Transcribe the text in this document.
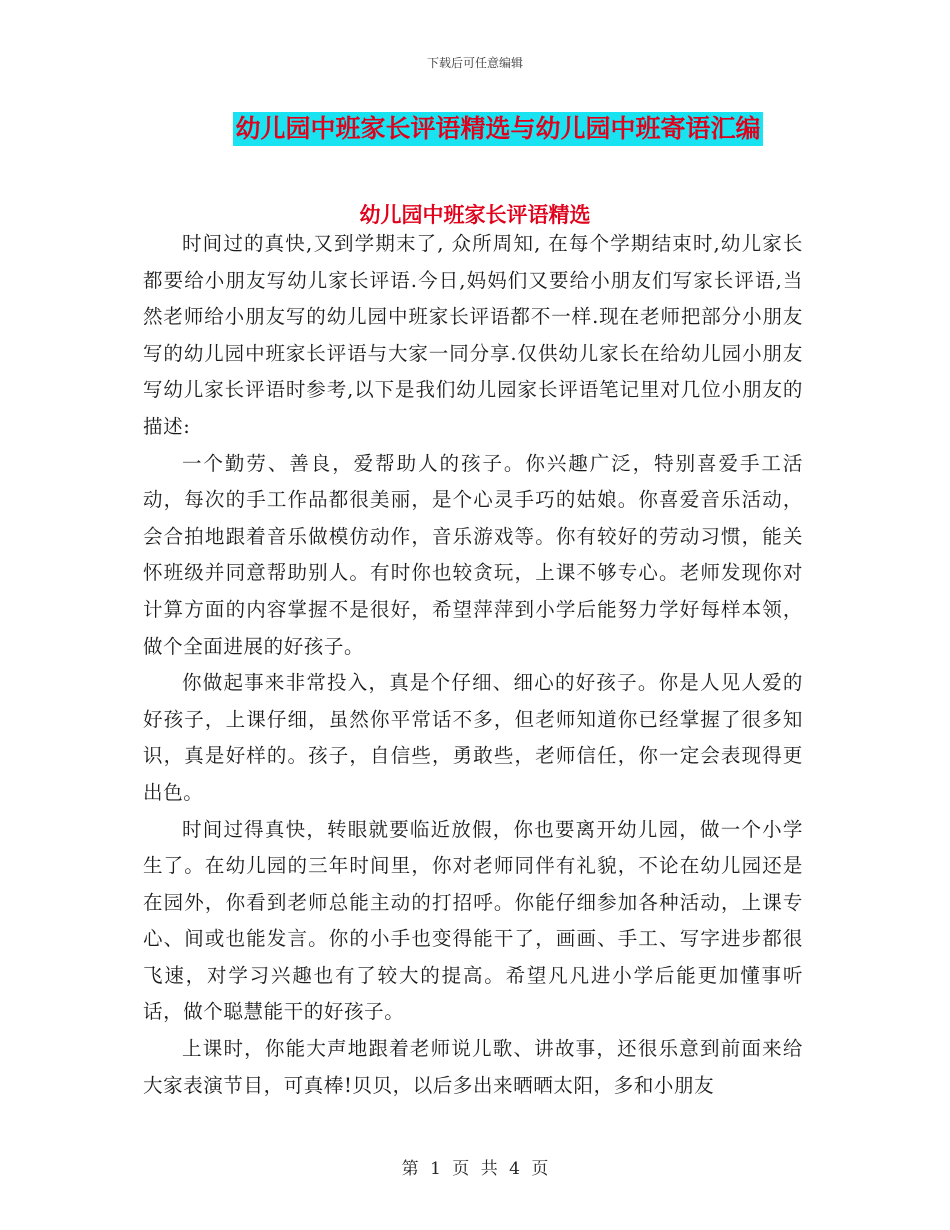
下载后可任意编辑
幼儿园中班家长评语精选与幼儿园中班寄语汇编
幼儿园中班家长评语精选

时间过的真快,又到学期末了, 众所周知, 在每个学期结束时,幼儿家长都要给小朋友写幼儿家长评语.今日,妈妈们又要给小朋友们写家长评语,当然老师给小朋友写的幼儿园中班家长评语都不一样.现在老师把部分小朋友写的幼儿园中班家长评语与大家一同分享.仅供幼儿家长在给幼儿园小朋友写幼儿家长评语时参考,以下是我们幼儿园家长评语笔记里对几位小朋友的描述:

一个勤劳、善良，爱帮助人的孩子。你兴趣广泛，特别喜爱手工活动，每次的手工作品都很美丽，是个心灵手巧的姑娘。你喜爱音乐活动，会合拍地跟着音乐做模仿动作，音乐游戏等。你有较好的劳动习惯，能关怀班级并同意帮助别人。有时你也较贪玩，上课不够专心。老师发现你对计算方面的内容掌握不是很好，希望萍萍到小学后能努力学好每样本领，做个全面进展的好孩子。

你做起事来非常投入，真是个仔细、细心的好孩子。你是人见人爱的好孩子，上课仔细，虽然你平常话不多，但老师知道你已经掌握了很多知识，真是好样的。孩子，自信些，勇敢些，老师信任，你一定会表现得更出色。

时间过得真快，转眼就要临近放假，你也要离开幼儿园，做一个小学生了。在幼儿园的三年时间里，你对老师同伴有礼貌，不论在幼儿园还是在园外，你看到老师总能主动的打招呼。你能仔细参加各种活动，上课专心、间或也能发言。你的小手也变得能干了，画画、手工、写字进步都很飞速，对学习兴趣也有了较大的提高。希望凡凡进小学后能更加懂事听话，做个聪慧能干的好孩子。

上课时，你能大声地跟着老师说儿歌、讲故事，还很乐意到前面来给大家表演节目，可真棒!贝贝，以后多出来晒晒太阳，多和小朋友

第 1 页 共 4 页
